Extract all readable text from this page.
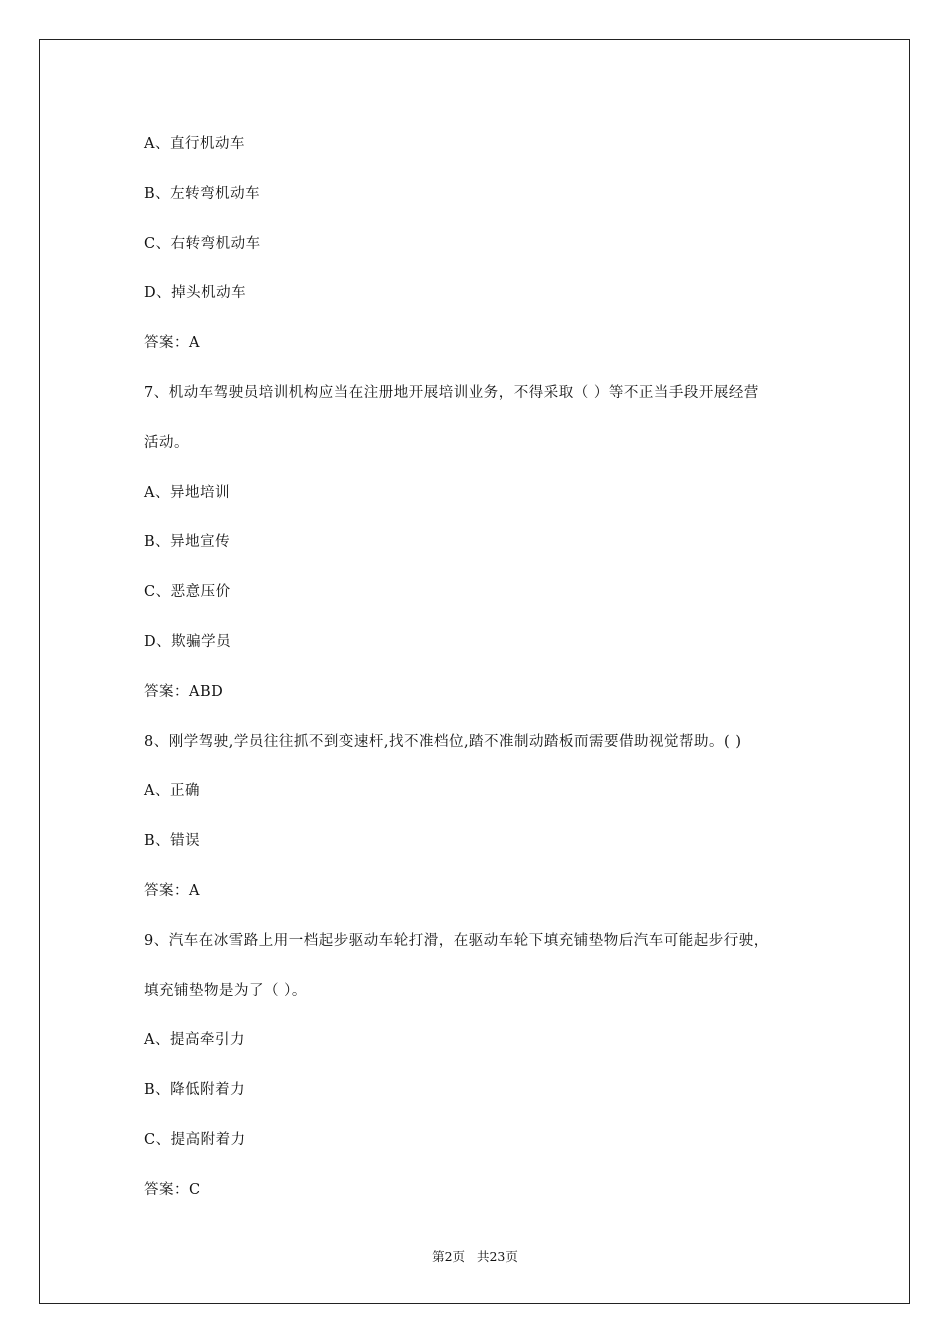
A、直行机动车
B、左转弯机动车
C、右转弯机动车
D、掉头机动车
答案：A
7、机动车驾驶员培训机构应当在注册地开展培训业务，不得采取（ ）等不正当手段开展经营
活动。
A、异地培训
B、异地宣传
C、恶意压价
D、欺骗学员
答案：ABD
8、刚学驾驶,学员往往抓不到变速杆,找不准档位,踏不准制动踏板而需要借助视觉帮助。( )
A、正确
B、错误
答案：A
9、汽车在冰雪路上用一档起步驱动车轮打滑，在驱动车轮下填充铺垫物后汽车可能起步行驶，
填充铺垫物是为了（ ）。
A、提高牵引力
B、降低附着力
C、提高附着力
答案：C
第2页   共23页
